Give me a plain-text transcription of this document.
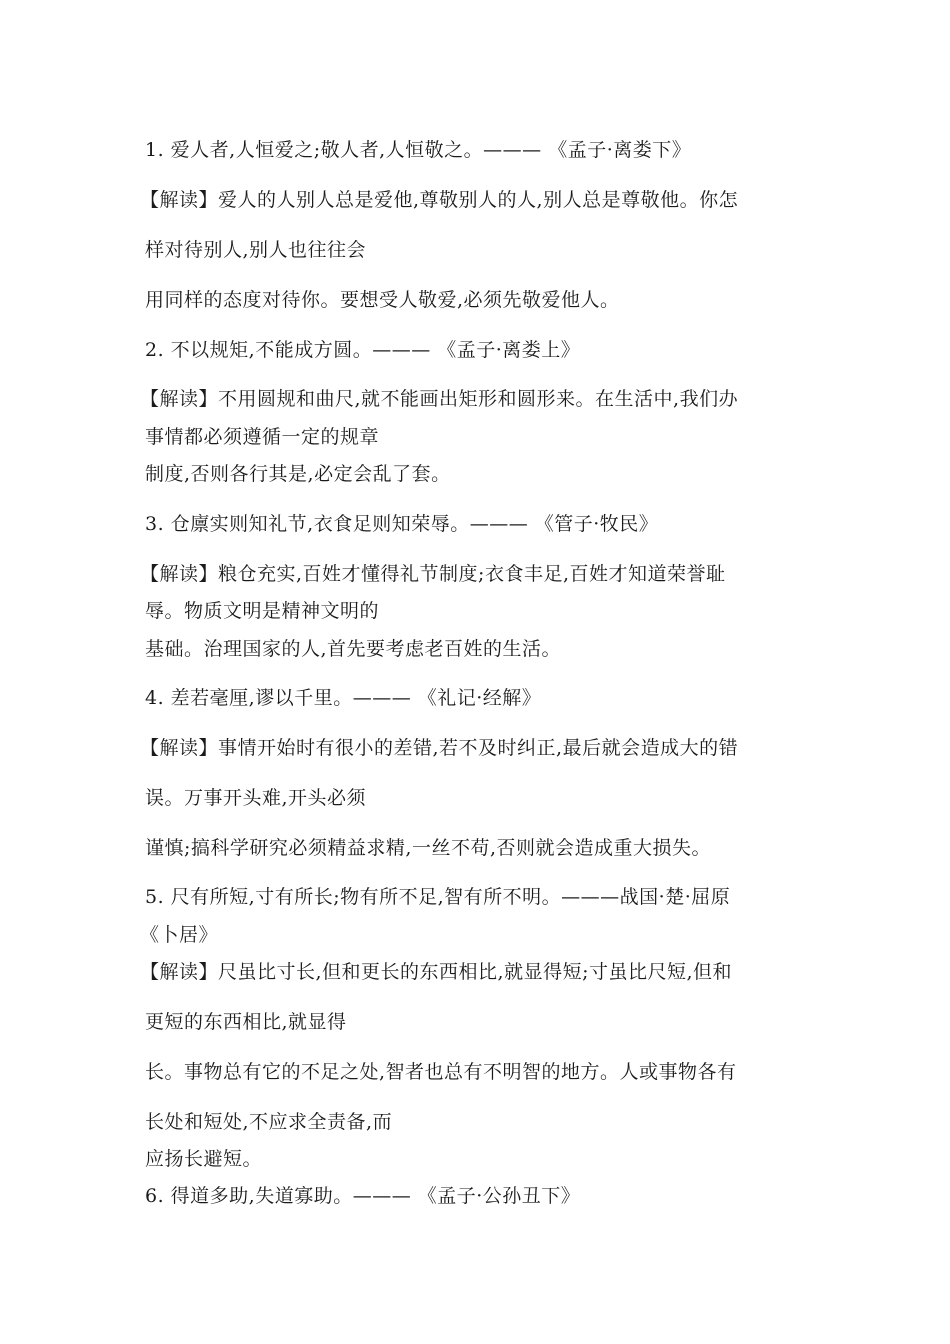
1. 爱人者,人恒爱之;敬人者,人恒敬之。——— 《孟子·离娄下》
【解读】爱人的人别人总是爱他,尊敬别人的人,别人总是尊敬他。你怎
样对待别人,别人也往往会
用同样的态度对待你。要想受人敬爱,必须先敬爱他人。
2. 不以规矩,不能成方圆。——— 《孟子·离娄上》
【解读】不用圆规和曲尺,就不能画出矩形和圆形来。在生活中,我们办
事情都必须遵循一定的规章
制度,否则各行其是,必定会乱了套。
3. 仓廪实则知礼节,衣食足则知荣辱。——— 《管子·牧民》
【解读】粮仓充实,百姓才懂得礼节制度;衣食丰足,百姓才知道荣誉耻
辱。物质文明是精神文明的
基础。治理国家的人,首先要考虑老百姓的生活。
4. 差若毫厘,谬以千里。——— 《礼记·经解》
【解读】事情开始时有很小的差错,若不及时纠正,最后就会造成大的错
误。万事开头难,开头必须
谨慎;搞科学研究必须精益求精,一丝不苟,否则就会造成重大损失。
5. 尺有所短,寸有所长;物有所不足,智有所不明。———战国·楚·屈原
《卜居》
【解读】尺虽比寸长,但和更长的东西相比,就显得短;寸虽比尺短,但和
更短的东西相比,就显得
长。事物总有它的不足之处,智者也总有不明智的地方。人或事物各有
长处和短处,不应求全责备,而
应扬长避短。
6. 得道多助,失道寡助。——— 《孟子·公孙丑下》
